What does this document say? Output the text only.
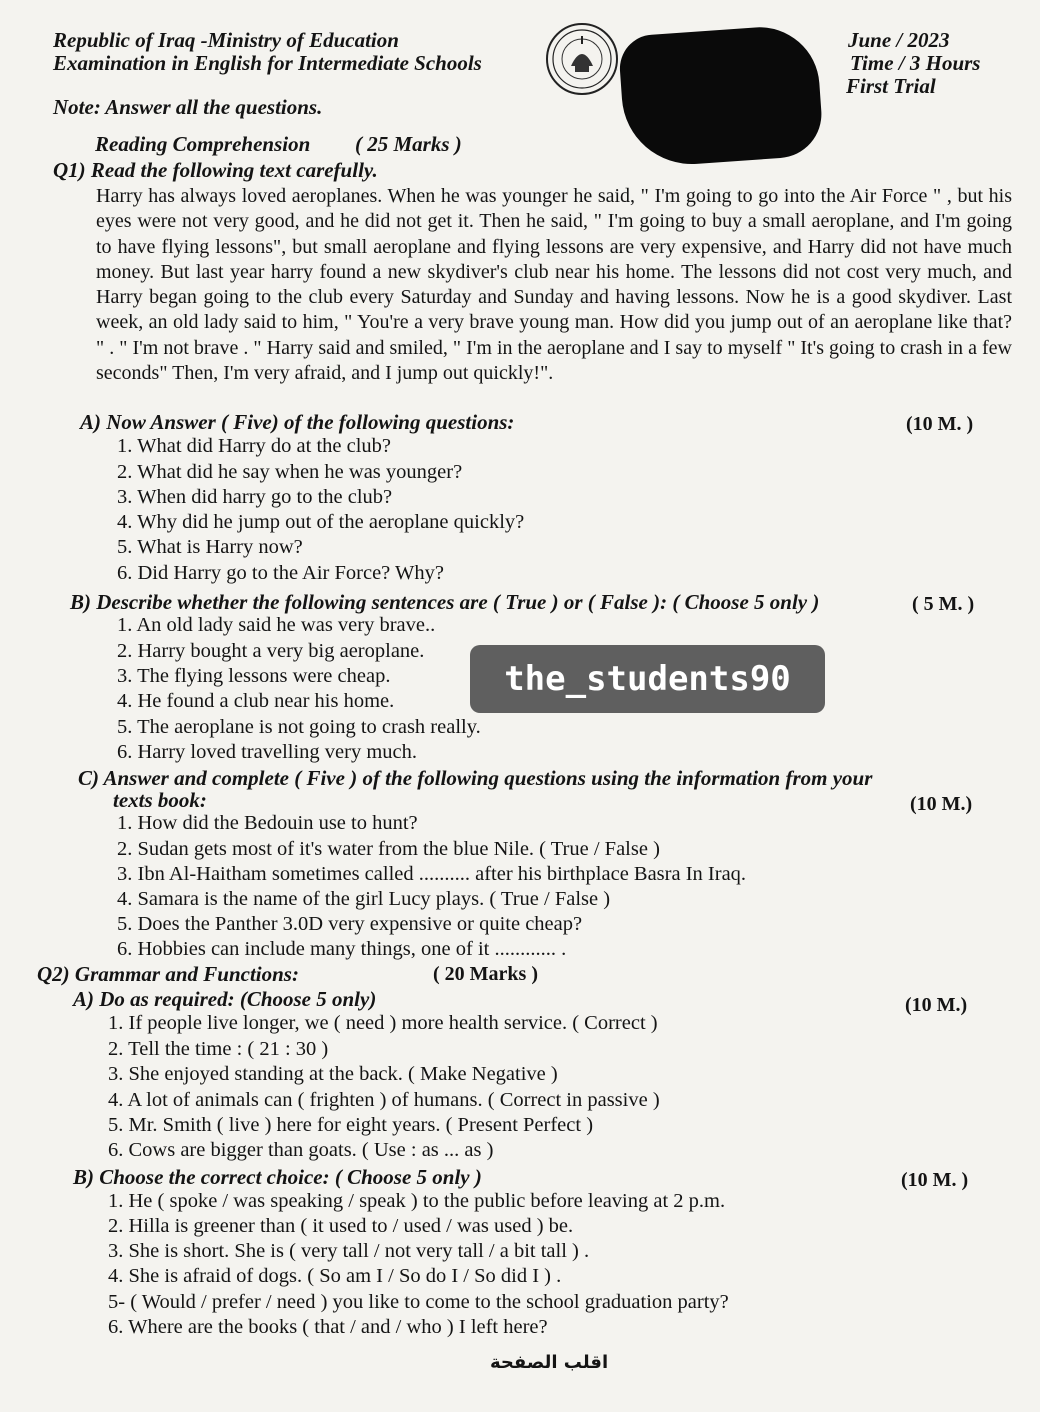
Republic of Iraq -Ministry of Education
Examination in English for Intermediate Schools
June / 2023
Time / 3 Hours
First Trial
Note: Answer all the questions.
Reading Comprehension ( 25 Marks )
Q1) Read the following text carefully.

Harry has always loved aeroplanes. When he was younger he said, " I'm going to go into the Air Force " , but his eyes were not very good, and he did not get it. Then he said, " I'm going to buy a small aeroplane, and I'm going to have flying lessons", but small aeroplane and flying lessons are very expensive, and Harry did not have much money. But last year harry found a new skydiver's club near his home. The lessons did not cost very much, and Harry began going to the club every Saturday and Sunday and having lessons. Now he is a good skydiver. Last week, an old lady said to him, " You're a very brave young man. How did you jump out of an aeroplane like that? " . " I'm not brave . " Harry said and smiled, " I'm in the aeroplane and I say to myself " It's going to crash in a few seconds" Then, I'm very afraid, and I jump out quickly!".

A) Now Answer ( Five) of the following questions:	(10 M. )
1. What did Harry do at the club?
2. What did he say when he was younger?
3. When did harry go to the club?
4. Why did he jump out of the aeroplane quickly?
5. What is Harry now?
6. Did Harry go to the Air Force? Why?
B) Describe whether the following sentences are ( True ) or ( False ): ( Choose 5 only )	( 5 M. )
1. An old lady said he was very brave..
2. Harry bought a very big aeroplane.
3. The flying lessons were cheap.
4. He found a club near his home.
5. The aeroplane is not going to crash really.
6. Harry loved travelling very much.
the_students90
C) Answer and complete ( Five ) of the following questions using the information from your
texts book:	(10 M.)
1. How did the Bedouin use to hunt?
2. Sudan gets most of it's water from the blue Nile. ( True / False )
3. Ibn Al-Haitham sometimes called .......... after his birthplace Basra In Iraq.
4. Samara is the name of the girl Lucy plays. ( True / False )
5. Does the Panther 3.0D very expensive or quite cheap?
6. Hobbies can include many things, one of it ............ .
Q2) Grammar and Functions:	( 20 Marks )
A) Do as required: (Choose 5 only)	(10 M.)
1. If people live longer, we ( need ) more health service. ( Correct )
2. Tell the time : ( 21 : 30 )
3. She enjoyed standing at the back. ( Make Negative )
4. A lot of animals can ( frighten ) of humans. ( Correct in passive )
5. Mr. Smith ( live ) here for eight years. ( Present Perfect )
6. Cows are bigger than goats. ( Use : as ... as )
B) Choose the correct choice: ( Choose 5 only )	(10 M. )
1. He ( spoke / was speaking / speak ) to the public before leaving at 2 p.m.
2. Hilla is greener than ( it used to / used / was used ) be.
3. She is short. She is ( very tall / not very tall / a bit tall ) .
4. She is afraid of dogs. ( So am I / So do I / So did I ) .
5- ( Would / prefer / need ) you like to come to the school graduation party?
6. Where are the books ( that / and / who ) I left here?
اقلب الصفحة
